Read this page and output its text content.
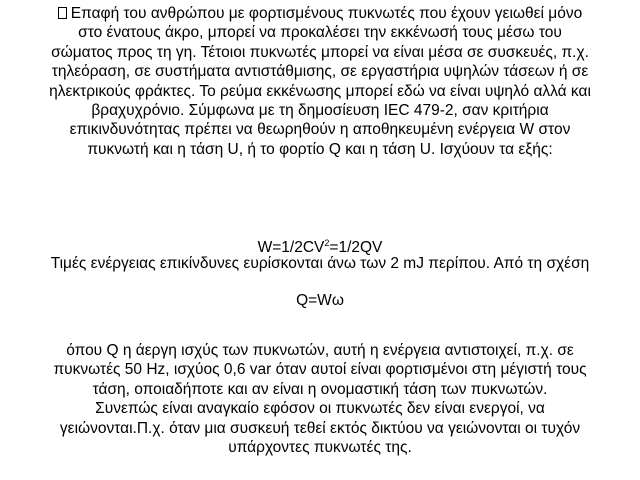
Επαφή του ανθρώπου με φορτισμένους πυκνωτές που έχουν γειωθεί μόνο
στο ένατους άκρο, μπορεί να προκαλέσει την εκκένωσή τους μέσω του
σώματος προς τη γη. Τέτοιοι πυκνωτές μπορεί να είναι μέσα σε συσκευές, π.χ.
τηλεόραση, σε συστήματα αντιστάθμισης, σε εργαστήρια υψηλών τάσεων ή σε
ηλεκτρικούς φράκτες. Το ρεύμα εκκένωσης μπορεί εδώ να είναι υψηλό αλλά και
βραχυχρόνιο. Σύμφωνα με τη δημοσίευση IEC 479-2, σαν κριτήρια
επικινδυνότητας πρέπει να θεωρηθούν η αποθηκευμένη ενέργεια W στον
πυκνωτή και η τάση U, ή το φορτίο Q και η τάση U. Ισχύουν τα εξής:
$W=1/2CV^2=1/2QV$
Τιμές ενέργειας επικίνδυνες ευρίσκονται άνω των 2 mJ περίπου. Από τη σχέση
Q=Wω
όπου Q η άεργη ισχύς των πυκνωτών, αυτή η ενέργεια αντιστοιχεί, π.χ. σε
πυκνωτές 50 Hz, ισχύος 0,6 var όταν αυτοί είναι φορτισμένοι στη μέγιστή τους
τάση, οποιαδήποτε και αν είναι η ονομαστική τάση των πυκνωτών.
Συνεπώς είναι αναγκαίο εφόσον οι πυκνωτές δεν είναι ενεργοί, να
γειώνονται.Π.χ. όταν μια συσκευή τεθεί εκτός δικτύου να γειώνονται οι τυχόν
υπάρχοντες πυκνωτές της.
